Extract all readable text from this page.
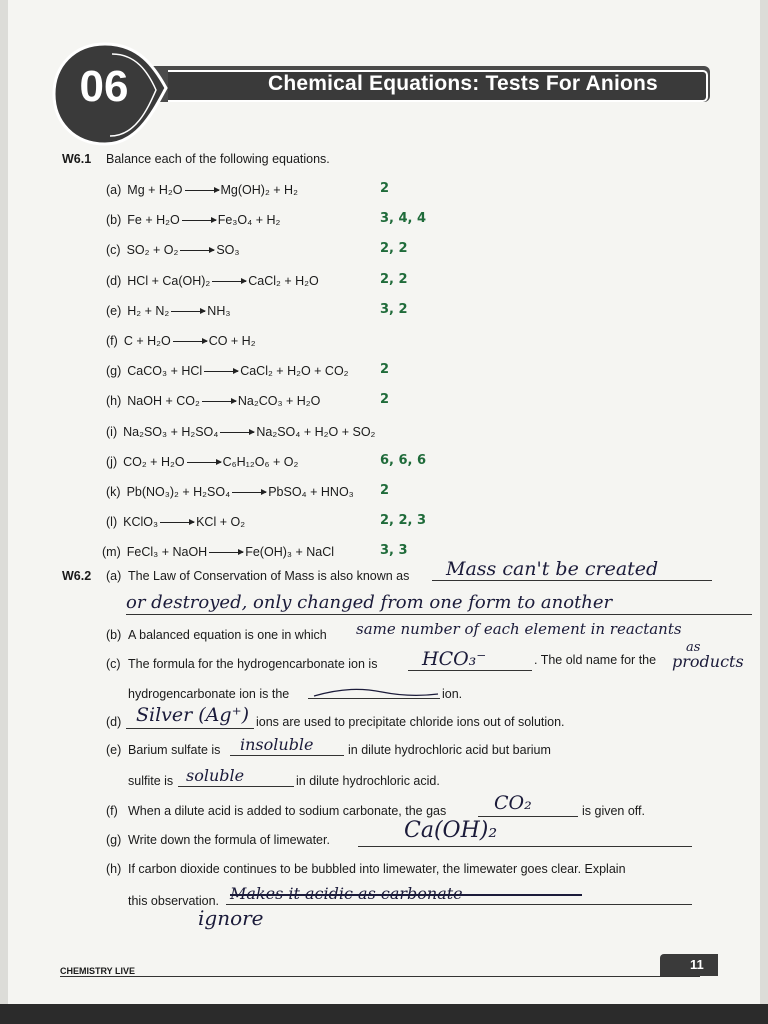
Chemical Equations: Tests For Anions
06
W6.1 Balance each of the following equations.
(a) Mg + H₂O → Mg(OH)₂ + H₂	2
(b) Fe + H₂O → Fe₃O₄ + H₂	3, 4, 4
(c) SO₂ + O₂ → SO₃	2, 2
(d) HCl + Ca(OH)₂ → CaCl₂ + H₂O	2, 2
(e) H₂ + N₂ → NH₃	3, 2
(f) C + H₂O → CO + H₂
(g) CaCO₃ + HCl → CaCl₂ + H₂O + CO₂ 2
(h) NaOH + CO₂ → Na₂CO₃ + H₂O	2
(i) Na₂SO₃ + H₂SO₄ → Na₂SO₄ + H₂O + SO₂
(j) CO₂ + H₂O → C₆H₁₂O₆ + O₂	6, 6, 6
(k) Pb(NO₃)₂ + H₂SO₄ → PbSO₄ + HNO₃ 2
(l) KClO₃ → KCl + O₂	2, 2, 3
(m) FeCl₃ + NaOH → Fe(OH)₃ + NaCl	3, 3
W6.2 (a) The Law of Conservation of Mass is also known as Mass can't be created
or destroyed, only changed from one form to another
(b) A balanced equation is one in which same number of each element in reactants
as
products
(c) The formula for the hydrogencarbonate ion is HCO₃⁻	. The old name for the
hydrogencarbonate ion is the	ion.
(d) Silver (Ag⁺) ions are used to precipitate chloride ions out of solution.
(e) Barium sulfate is insoluble	in dilute hydrochloric acid but barium
sulfite is soluble	in dilute hydrochloric acid.
(f) When a dilute acid is added to sodium carbonate, the gas	CO₂	is given off.
(g) Write down the formula of limewater.	Ca(OH)₂
(h) If carbon dioxide continues to be bubbled into limewater, the limewater goes clear. Explain
this observation.
ignore
CHEMISTRY LIVE	11
